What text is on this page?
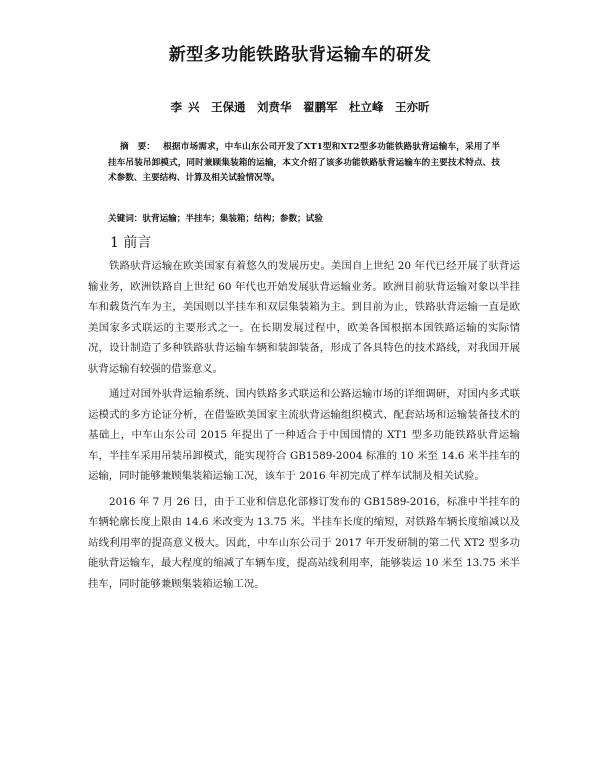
新型多功能铁路驮背运输车的研发
李 兴　王保通　刘贲华　翟鹏军　杜立峰　王亦昕
摘　要： 根据市场需求，中车山东公司开发了XT1型和XT2型多功能铁路驮背运输车，采用了半挂车吊装吊卸模式，同时兼顾集装箱的运输，本文介绍了该多功能铁路驮背运输车的主要技术特点、技术参数、主要结构、计算及相关试验情况等。
关键词：驮背运输；半挂车；集装箱；结构；参数；试验
1 前言

铁路驮背运输在欧美国家有着悠久的发展历史。美国自上世纪 20 年代已经开展了驮背运输业务，欧洲铁路自上世纪 60 年代也开始发展驮背运输业务。欧洲目前驮背运输对象以半挂车和载货汽车为主，美国则以半挂车和双层集装箱为主。到目前为止，铁路驮背运输一直是欧美国家多式联运的主要形式之一。在长期发展过程中，欧美各国根据本国铁路运输的实际情况，设计制造了多种铁路驮背运输车辆和装卸装备，形成了各具特色的技术路线，对我国开展驮背运输有较强的借鉴意义。

通过对国外驮背运输系统、国内铁路多式联运和公路运输市场的详细调研，对国内多式联运模式的多方论证分析，在借鉴欧美国家主流驮背运输组织模式、配套站场和运输装备技术的基础上，中车山东公司 2015 年提出了一种适合于中国国情的 XT1 型多功能铁路驮背运输车，半挂车采用吊装吊卸模式，能实现符合 GB1589-2004 标准的 10 米至 14.6 米半挂车的运输，同时能够兼顾集装箱运输工况，该车于 2016 年初完成了样车试制及相关试验。

2016 年 7 月 26 日，由于工业和信息化部修订发布的 GB1589-2016，标准中半挂车的车辆轮廓长度上限由 14.6 米改变为 13.75 米。半挂车长度的缩短，对铁路车辆长度缩减以及站线利用率的提高意义极大。因此，中车山东公司于 2017 年开发研制的第二代 XT2 型多功能驮背运输车，最大程度的缩减了车辆车度，提高站线利用率，能够装运 10 米至 13.75 米半挂车，同时能够兼顾集装箱运输工况。
